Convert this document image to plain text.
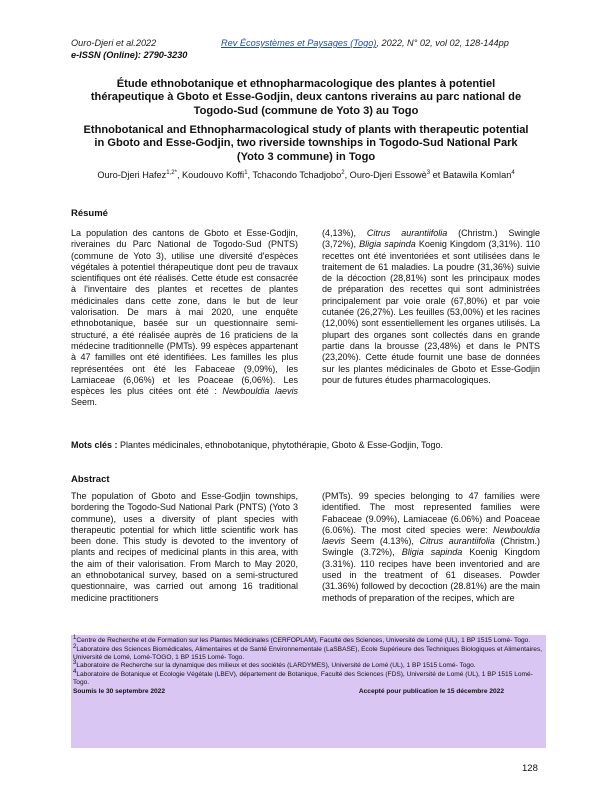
Ouro-Djeri et al.2022	Rev Écosystèmes et Paysages (Togo), 2022, N° 02, vol 02, 128-144pp
e-ISSN (Online): 2790-3230
Étude ethnobotanique et ethnopharmacologique des plantes à potentiel thérapeutique à Gboto et Esse-Godjin, deux cantons riverains au parc national de Togodo-Sud (commune de Yoto 3) au Togo
Ethnobotanical and Ethnopharmacological study of plants with therapeutic potential in Gboto and Esse-Godjin, two riverside townships in Togodo-Sud National Park (Yoto 3 commune) in Togo
Ouro-Djeri Hafez$^{1,2*}$, Koudouvo Koffi$^1$, Tchacondo Tchadjobo$^2$, Ouro-Djeri Essowè$^3$ et Batawila Komlan$^4$
Résumé

La population des cantons de Gboto et Esse-Godjin, riveraines du Parc National de Togodo-Sud (PNTS) (commune de Yoto 3), utilise une diversité d'espèces végétales à potentiel thérapeutique dont peu de travaux scientifiques ont été réalisés. Cette étude est consacrée à l'inventaire des plantes et recettes de plantes médicinales dans cette zone, dans le but de leur valorisation. De mars à mai 2020, une enquête ethnobotanique, basée sur un questionnaire semi-structuré, a été réalisée auprès de 16 praticiens de la médecine traditionnelle (PMTs). 99 espèces appartenant à 47 familles ont été identifiées. Les familles les plus représentées ont été les Fabaceae (9,09%), les Lamiaceae (6,06%) et les Poaceae (6,06%). Les espèces les plus citées ont été : Newbouldia laevis Seem.

(4,13%), Citrus aurantiifolia (Christm.) Swingle (3,72%), Bligia sapinda Koenig Kingdom (3,31%). 110 recettes ont été inventoriées et sont utilisées dans le traitement de 61 maladies. La poudre (31,36%) suivie de la décoction (28,81%) sont les principaux modes de préparation des recettes qui sont administrées principalement par voie orale (67,80%) et par voie cutanée (26,27%). Les feuilles (53,00%) et les racines (12,00%) sont essentiellement les organes utilisés. La plupart des organes sont collectés dans en grande partie dans la brousse (23,48%) et dans le PNTS (23,20%). Cette étude fournit une base de données sur les plantes médicinales de Gboto et Esse-Godjin pour de futures études pharmacologiques.

Mots clés : Plantes médicinales, ethnobotanique, phytothérapie, Gboto & Esse-Godjin, Togo.
Abstract

The population of Gboto and Esse-Godjin townships, bordering the Togodo-Sud National Park (PNTS) (Yoto 3 commune), uses a diversity of plant species with therapeutic potential for which little scientific work has been done. This study is devoted to the inventory of plants and recipes of medicinal plants in this area, with the aim of their valorisation. From March to May 2020, an ethnobotanical survey, based on a semi-structured questionnaire, was carried out among 16 traditional medicine practitioners

(PMTs). 99 species belonging to 47 families were identified. The most represented families were Fabaceae (9.09%), Lamiaceae (6.06%) and Poaceae (6.06%). The most cited species were: Newbouldia laevis Seem (4.13%), Citrus aurantiifolia (Christm.) Swingle (3.72%), Bligia sapinda Koenig Kingdom (3.31%). 110 recipes have been inventoried and are used in the treatment of 61 diseases. Powder (31.36%) followed by decoction (28.81%) are the main methods of preparation of the recipes, which are

$^1$Centre de Recherche et de Formation sur les Plantes Médicinales (CERFOPLAM), Faculté des Sciences, Université de Lomé (UL), 1 BP 1515 Lomé- Togo.
$^2$Laboratoire des Sciences Biomédicales, Alimentaires et de Santé Environnementale (LaSBASE), Ecole Supérieure des Techniques Biologiques et Alimentaires, Université de Lomé, Lomé-TOGO, 1 BP 1515 Lomé- Togo.
$^3$Laboratoire de Recherche sur la dynamique des milieux et des sociétés (LARDYMES), Université de Lomé (UL), 1 BP 1515 Lomé- Togo.
$^4$Laboratoire de Botanique et Ecologie Végétale (LBEV), département de Botanique, Faculté des Sciences (FDS), Université de Lomé (UL), 1 BP 1515 Lomé- Togo.
Soumis le 30 septembre 2022	Accepté pour publication le 15 décembre 2022
128
